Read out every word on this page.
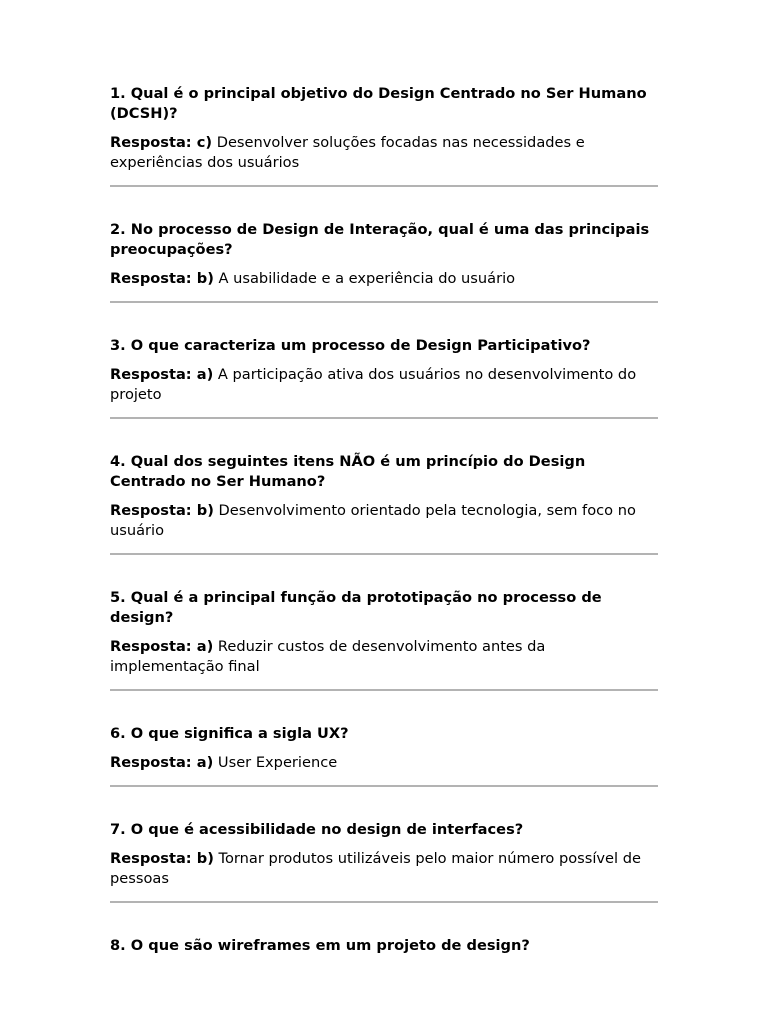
1. Qual é o principal objetivo do Design Centrado no Ser Humano (DCSH)?

Resposta: c) Desenvolver soluções focadas nas necessidades e experiências dos usuários

2. No processo de Design de Interação, qual é uma das principais preocupações?

Resposta: b) A usabilidade e a experiência do usuário

3. O que caracteriza um processo de Design Participativo?

Resposta: a) A participação ativa dos usuários no desenvolvimento do projeto

4. Qual dos seguintes itens NÃO é um princípio do Design Centrado no Ser Humano?

Resposta: b) Desenvolvimento orientado pela tecnologia, sem foco no usuário

5. Qual é a principal função da prototipação no processo de design?

Resposta: a) Reduzir custos de desenvolvimento antes da implementação final

6. O que significa a sigla UX?

Resposta: a) User Experience

7. O que é acessibilidade no design de interfaces?

Resposta: b) Tornar produtos utilizáveis pelo maior número possível de pessoas

8. O que são wireframes em um projeto de design?
